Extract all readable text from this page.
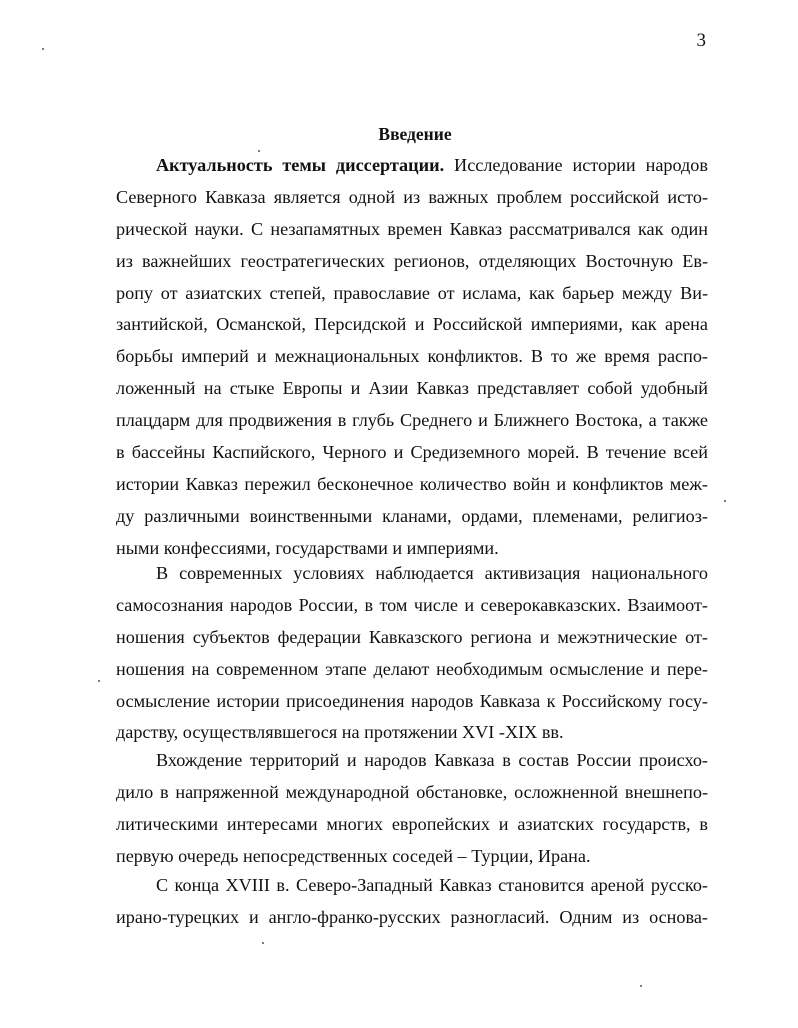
3
Введение
Актуальность темы диссертации. Исследование истории народов
Северного Кавказа является одной из важных проблем российской исто-
рической науки. С незапамятных времен Кавказ рассматривался как один
из важнейших геостратегических регионов, отделяющих Восточную Ев-
ропу от азиатских степей, православие от ислама, как барьер между Ви-
зантийской, Османской, Персидской и Российской империями, как арена
борьбы империй и межнациональных конфликтов. В то же время распо-
ложенный на стыке Европы и Азии Кавказ представляет собой удобный
плацдарм для продвижения в глубь Среднего и Ближнего Востока, а также
в бассейны Каспийского, Черного и Средиземного морей. В течение всей
истории Кавказ пережил бесконечное количество войн и конфликтов меж-
ду различными воинственными кланами, ордами, племенами, религиоз-
ными конфессиями, государствами и империями.
В современных условиях наблюдается активизация национального
самосознания народов России, в том числе и северокавказских. Взаимоот-
ношения субъектов федерации Кавказского региона и межэтнические от-
ношения на современном этапе делают необходимым осмысление и пере-
осмысление истории присоединения народов Кавказа к Российскому госу-
дарству, осуществлявшегося на протяжении XVI -XIX вв.
Вхождение территорий и народов Кавказа в состав России происхо-
дило в напряженной международной обстановке, осложненной внешнепо-
литическими интересами многих европейских и азиатских государств, в
первую очередь непосредственных соседей – Турции, Ирана.
С конца XVIII в. Северо-Западный Кавказ становится ареной русско-
ирано-турецких и англо-франко-русских разногласий. Одним из основа-
